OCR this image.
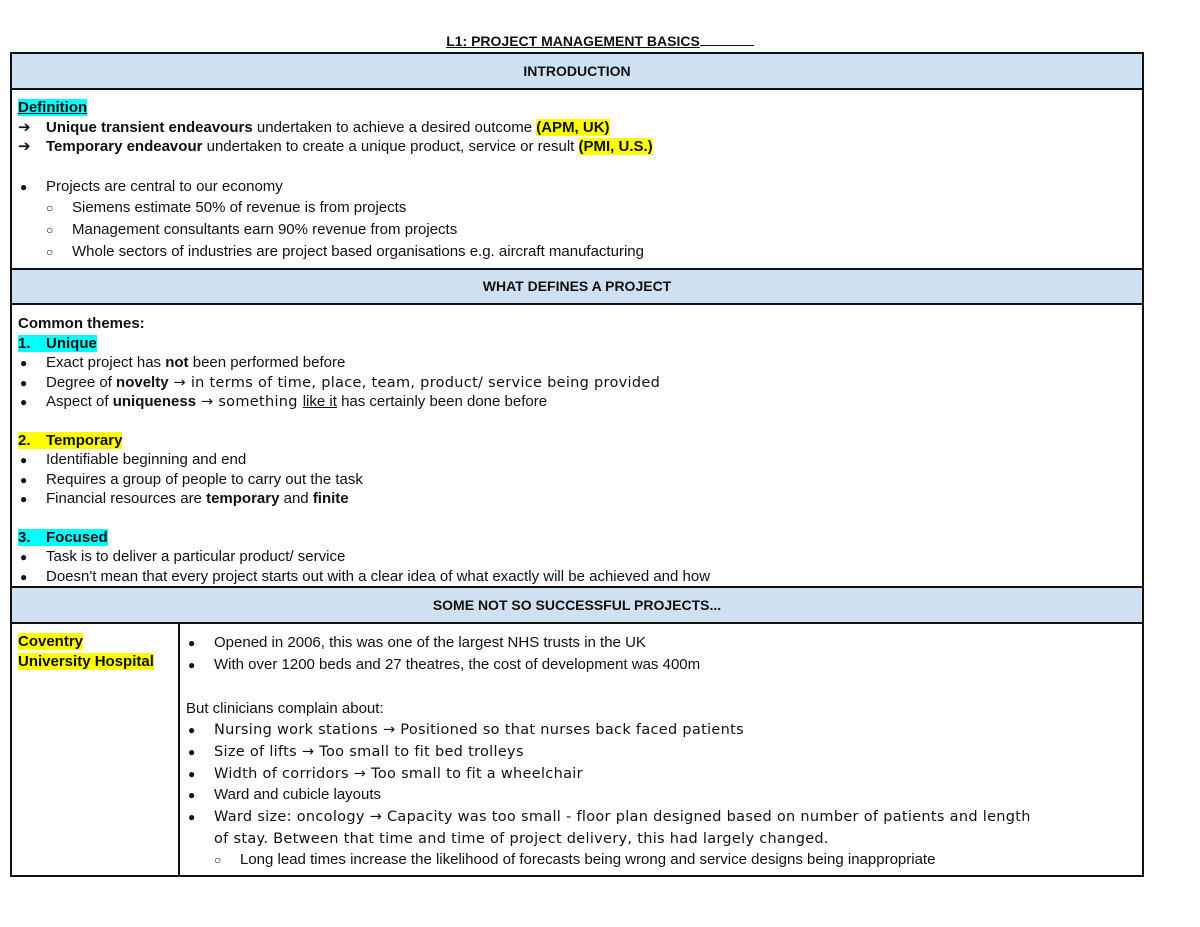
L1: PROJECT MANAGEMENT BASICS
INTRODUCTION

Definition
➔ Unique transient endeavours undertaken to achieve a desired outcome (APM, UK)
➔ Temporary endeavour undertaken to create a unique product, service or result (PMI, U.S.)
● Projects are central to our economy
○ Siemens estimate 50% of revenue is from projects
○ Management consultants earn 90% revenue from projects
○ Whole sectors of industries are project based organisations e.g. aircraft manufacturing

WHAT DEFINES A PROJECT

Common themes:
1. Unique
● Exact project has not been performed before
● Degree of novelty → in terms of time, place, team, product/ service being provided
● Aspect of uniqueness → something like it has certainly been done before
2. Temporary
● Identifiable beginning and end
● Requires a group of people to carry out the task
● Financial resources are temporary and finite
3. Focused
● Task is to deliver a particular product/ service
● Doesn't mean that every project starts out with a clear idea of what exactly will be achieved and how

SOME NOT SO SUCCESSFUL PROJECTS...

Coventry
University Hospital

● Opened in 2006, this was one of the largest NHS trusts in the UK
● With over 1200 beds and 27 theatres, the cost of development was 400m
But clinicians complain about:
● Nursing work stations → Positioned so that nurses back faced patients
● Size of lifts → Too small to fit bed trolleys
● Width of corridors → Too small to fit a wheelchair
● Ward and cubicle layouts
● Ward size: oncology → Capacity was too small - floor plan designed based on number of patients and length
of stay. Between that time and time of project delivery, this had largely changed.
○ Long lead times increase the likelihood of forecasts being wrong and service designs being inappropriate
